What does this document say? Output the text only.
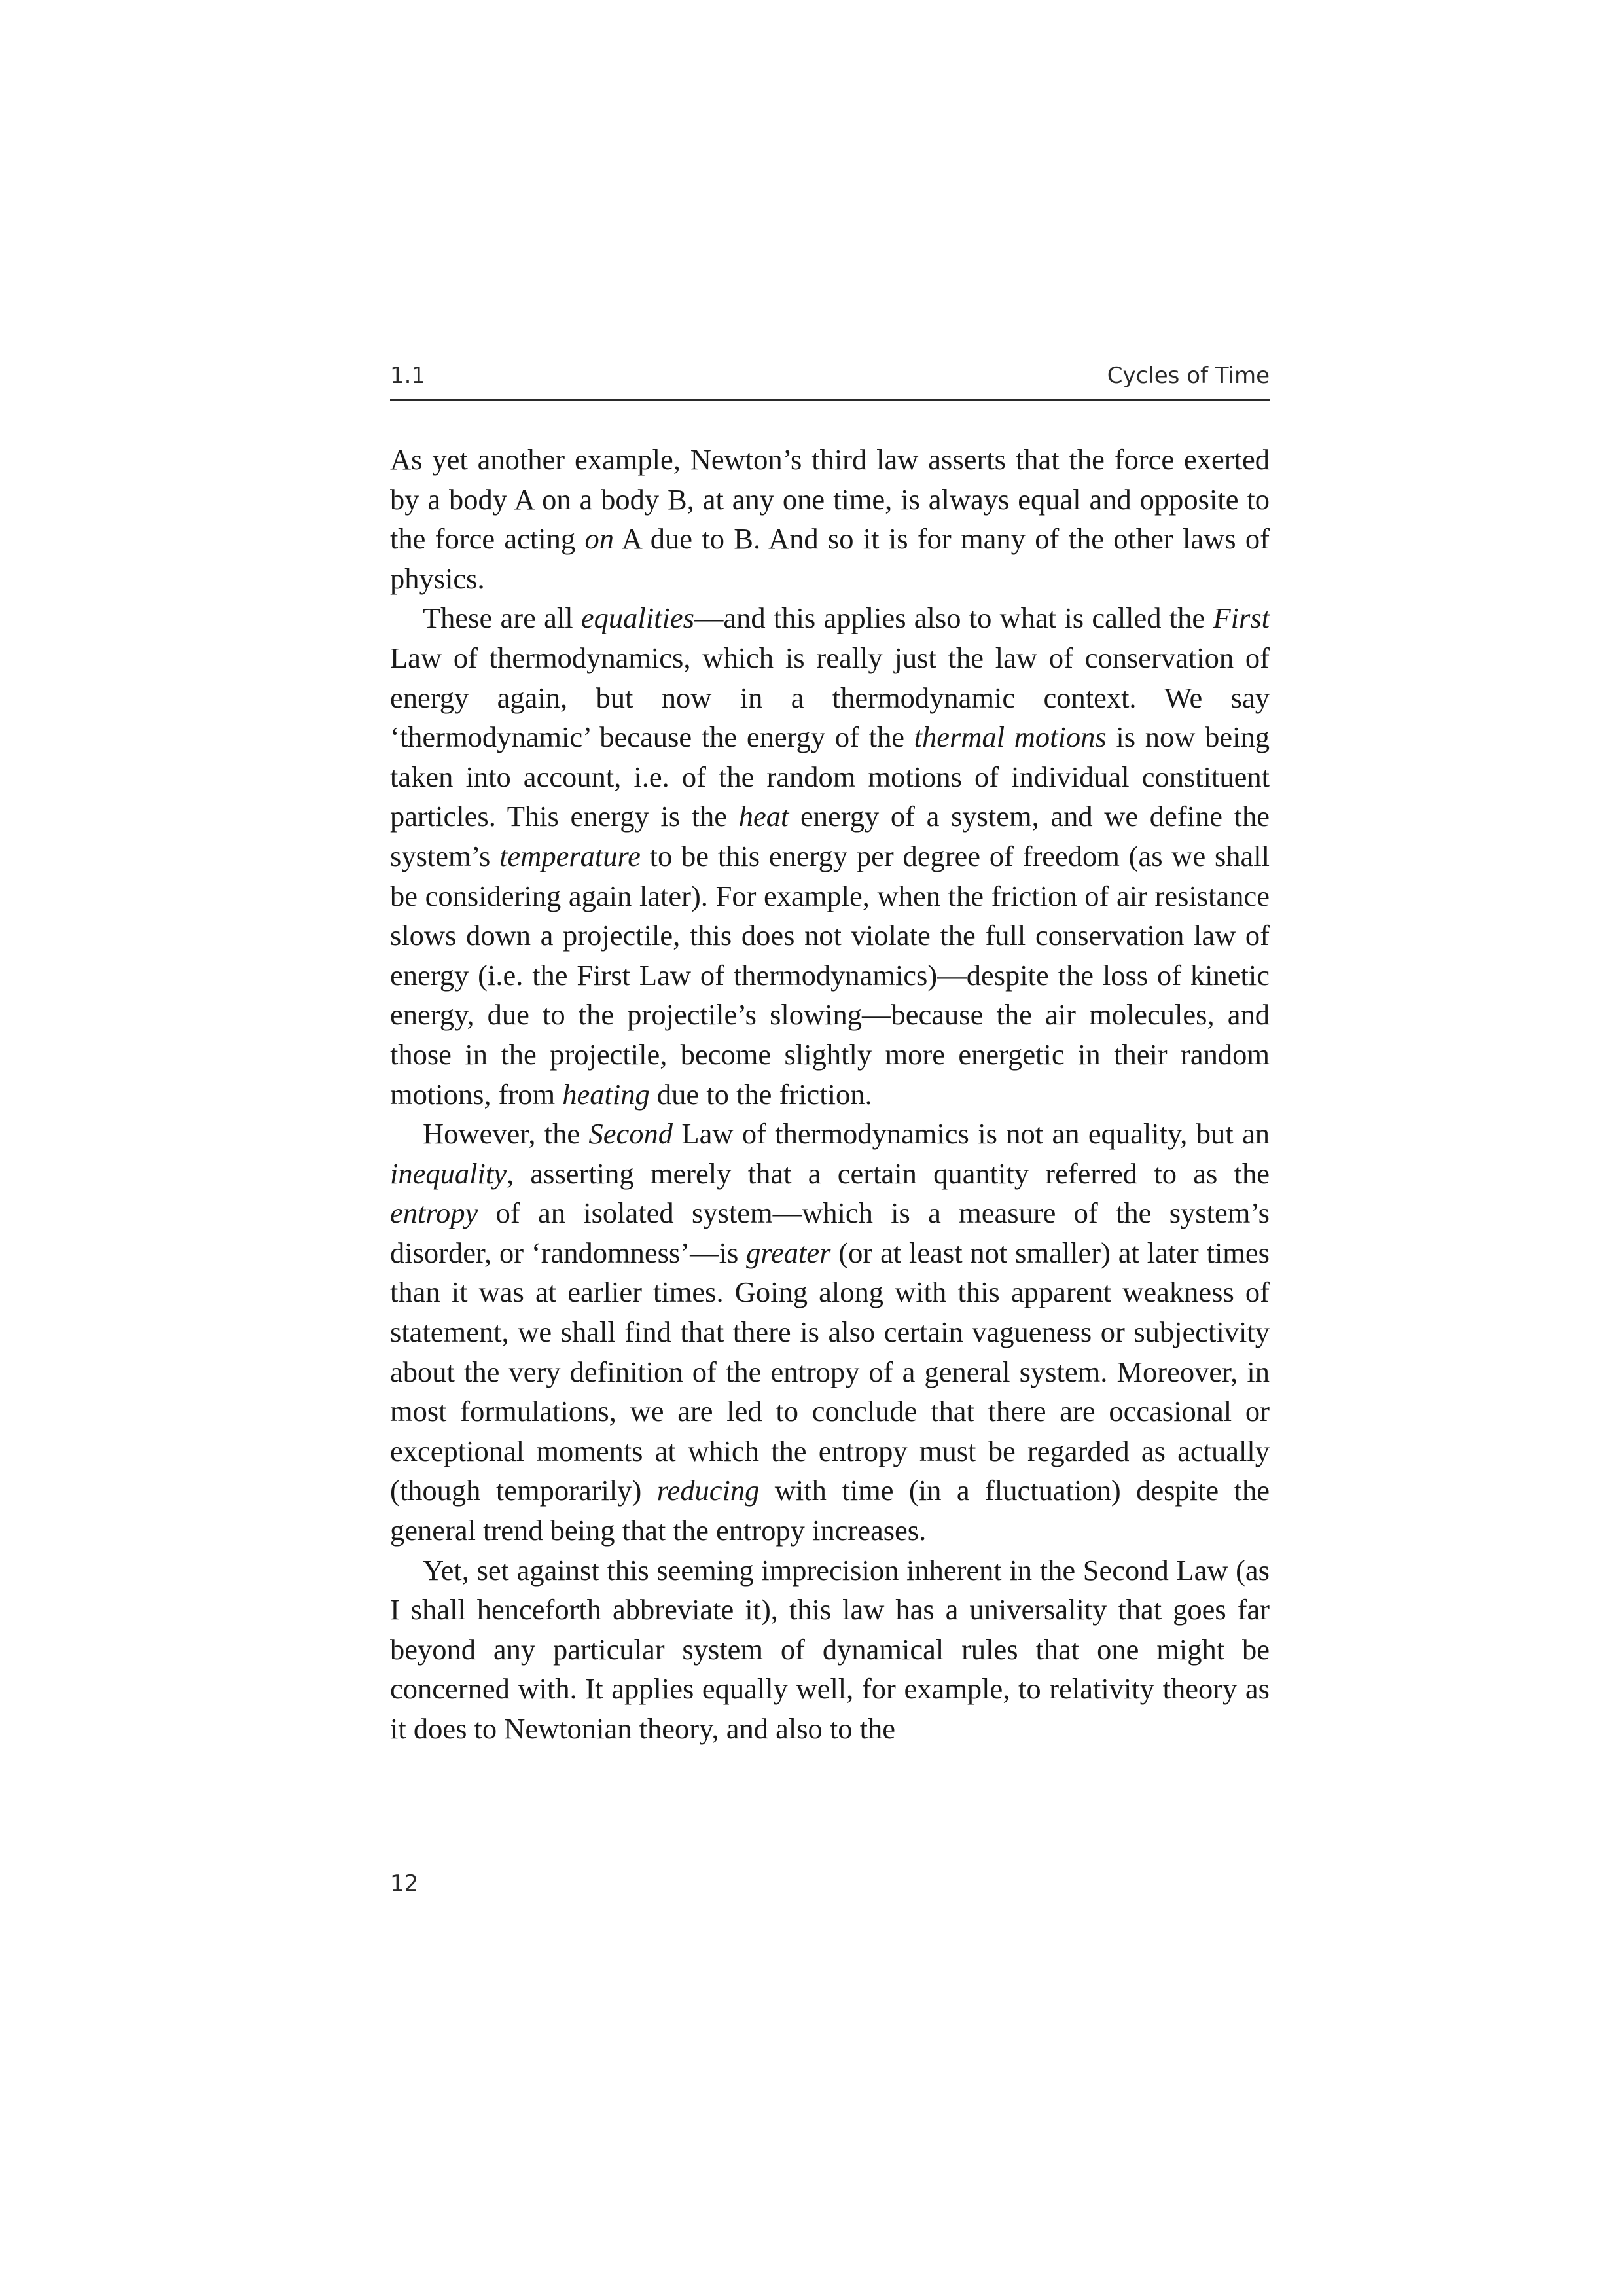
1.1	Cycles of Time

As yet another example, Newton’s third law asserts that the force exerted by a body A on a body B, at any one time, is always equal and opposite to the force acting on A due to B. And so it is for many of the other laws of physics.

These are all equalities—and this applies also to what is called the First Law of thermodynamics, which is really just the law of conservation of energy again, but now in a thermodynamic context. We say ‘thermodynamic’ because the energy of the thermal motions is now being taken into account, i.e. of the random motions of individual constituent particles. This energy is the heat energy of a system, and we define the system’s temperature to be this energy per degree of freedom (as we shall be considering again later). For example, when the friction of air resistance slows down a projectile, this does not violate the full conservation law of energy (i.e. the First Law of thermodynamics)—despite the loss of kinetic energy, due to the projectile’s slowing—because the air molecules, and those in the projectile, become slightly more energetic in their random motions, from heating due to the friction.

However, the Second Law of thermodynamics is not an equality, but an inequality, asserting merely that a certain quantity referred to as the entropy of an isolated system—which is a measure of the system’s disorder, or ‘randomness’—is greater (or at least not smaller) at later times than it was at earlier times. Going along with this apparent weakness of statement, we shall find that there is also certain vagueness or subjectivity about the very definition of the entropy of a general system. Moreover, in most formulations, we are led to conclude that there are occasional or exceptional moments at which the entropy must be regarded as actually (though temporarily) reducing with time (in a fluctuation) despite the general trend being that the entropy increases.

Yet, set against this seeming imprecision inherent in the Second Law (as I shall henceforth abbreviate it), this law has a universality that goes far beyond any particular system of dynamical rules that one might be concerned with. It applies equally well, for example, to relativity theory as it does to Newtonian theory, and also to the

12
